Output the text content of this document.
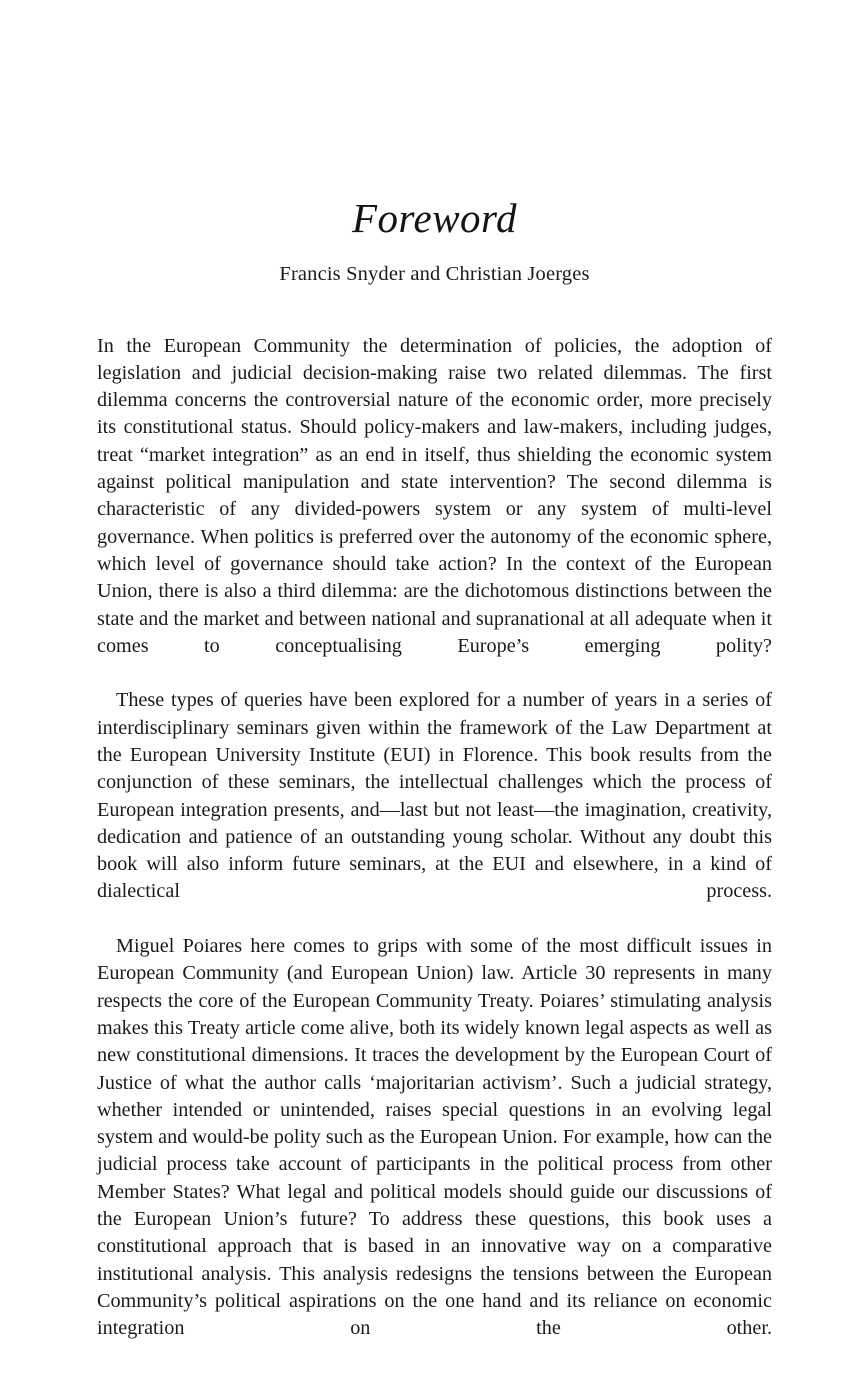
Foreword
Francis Snyder and Christian Joerges

In the European Community the determination of policies, the adoption of legislation and judicial decision-making raise two related dilemmas. The first dilemma concerns the controversial nature of the economic order, more precisely its constitutional status. Should policy-makers and law-makers, including judges, treat “market integration” as an end in itself, thus shielding the economic system against political manipulation and state intervention? The second dilemma is characteristic of any divided-powers system or any system of multi-level governance. When politics is preferred over the autonomy of the economic sphere, which level of governance should take action? In the context of the European Union, there is also a third dilemma: are the dichotomous distinctions between the state and the market and between national and supranational at all adequate when it comes to conceptualising Europe’s emerging polity?

These types of queries have been explored for a number of years in a series of interdisciplinary seminars given within the framework of the Law Department at the European University Institute (EUI) in Florence. This book results from the conjunction of these seminars, the intellectual challenges which the process of European integration presents, and—last but not least—the imagination, creativity, dedication and patience of an outstanding young scholar. Without any doubt this book will also inform future seminars, at the EUI and elsewhere, in a kind of dialectical process.

Miguel Poiares here comes to grips with some of the most difficult issues in European Community (and European Union) law. Article 30 represents in many respects the core of the European Community Treaty. Poiares’ stimulating analysis makes this Treaty article come alive, both its widely known legal aspects as well as new constitutional dimensions. It traces the development by the European Court of Justice of what the author calls ‘majoritarian activism’. Such a judicial strategy, whether intended or unintended, raises special questions in an evolving legal system and would-be polity such as the European Union. For example, how can the judicial process take account of participants in the political process from other Member States? What legal and political models should guide our discussions of the European Union’s future? To address these questions, this book uses a constitutional approach that is based in an innovative way on a comparative institutional analysis. This analysis redesigns the tensions between the European Community’s political aspirations on the one hand and its reliance on economic integration on the other.
